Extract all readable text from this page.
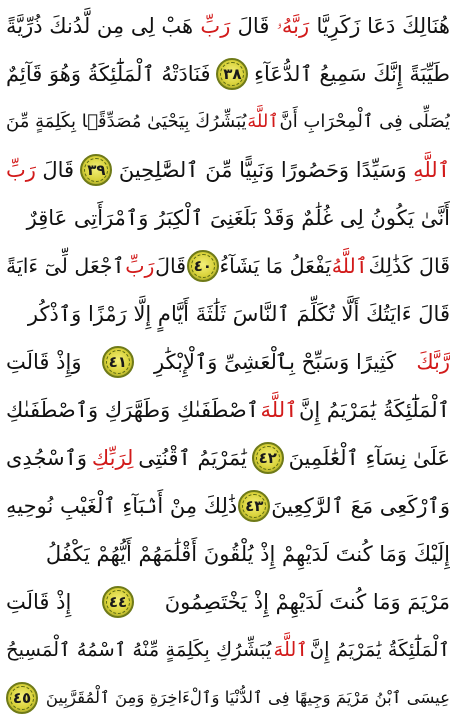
هُنَالِكَ دَعَا زَكَرِيَّا
رَبَّهُۥ
قَالَ
رَبِّ
هَبْ لِى مِن لَّدُنكَ ذُرِّيَّةً
طَيِّبَةً إِنَّكَ سَمِيعُ ٱلدُّعَآءِ
٣٨
فَنَادَتْهُ ٱلْمَلَٰٓئِكَةُ وَهُوَ قَآئِمٌ
يُصَلِّى فِى ٱلْمِحْرَابِ أَنَّ
ٱللَّهَ
يُبَشِّرُكَ بِيَحْيَىٰ مُصَدِّقًۢا بِكَلِمَةٍ مِّنَ
ٱللَّهِ
وَسَيِّدًا وَحَصُورًا وَنَبِيًّا مِّنَ ٱلصَّٰلِحِينَ
٣٩
قَالَ
رَبِّ
أَنَّىٰ يَكُونُ لِى غُلَٰمٌ وَقَدْ بَلَغَنِىَ ٱلْكِبَرُ وَٱمْرَأَتِى عَاقِرٌ
قَالَ كَذَٰلِكَ
ٱللَّهُ
يَفْعَلُ مَا يَشَآءُ
٤٠
قَالَ
رَبِّ
ٱجْعَل لِّىٓ ءَايَةً
قَالَ ءَايَتُكَ أَلَّا تُكَلِّمَ ٱلنَّاسَ ثَلَٰثَةَ أَيَّامٍ إِلَّا رَمْزًا وَٱذْكُر
رَّبَّكَ
كَثِيرًا وَسَبِّحْ بِٱلْعَشِىِّ وَٱلْإِبْكَٰرِ
٤١
وَإِذْ قَالَتِ
ٱلْمَلَٰٓئِكَةُ يَٰمَرْيَمُ إِنَّ
ٱللَّهَ
ٱصْطَفَىٰكِ وَطَهَّرَكِ وَٱصْطَفَىٰكِ
عَلَىٰ نِسَآءِ ٱلْعَٰلَمِينَ
٤٢
يَٰمَرْيَمُ ٱقْنُتِى
لِرَبِّكِ
وَٱسْجُدِى
وَٱرْكَعِى مَعَ ٱلرَّٰكِعِينَ
٤٣
ذَٰلِكَ مِنْ أَنۢبَآءِ ٱلْغَيْبِ نُوحِيهِ
إِلَيْكَ وَمَا كُنتَ لَدَيْهِمْ إِذْ يُلْقُونَ أَقْلَٰمَهُمْ أَيُّهُمْ يَكْفُلُ
مَرْيَمَ وَمَا كُنتَ لَدَيْهِمْ إِذْ يَخْتَصِمُونَ
٤٤
إِذْ قَالَتِ
ٱلْمَلَٰٓئِكَةُ يَٰمَرْيَمُ إِنَّ
ٱللَّهَ
يُبَشِّرُكِ بِكَلِمَةٍ مِّنْهُ ٱسْمُهُ ٱلْمَسِيحُ
عِيسَى ٱبْنُ مَرْيَمَ وَجِيهًا فِى ٱلدُّنْيَا وَٱلْءَاخِرَةِ وَمِنَ ٱلْمُقَرَّبِينَ
٤٥
